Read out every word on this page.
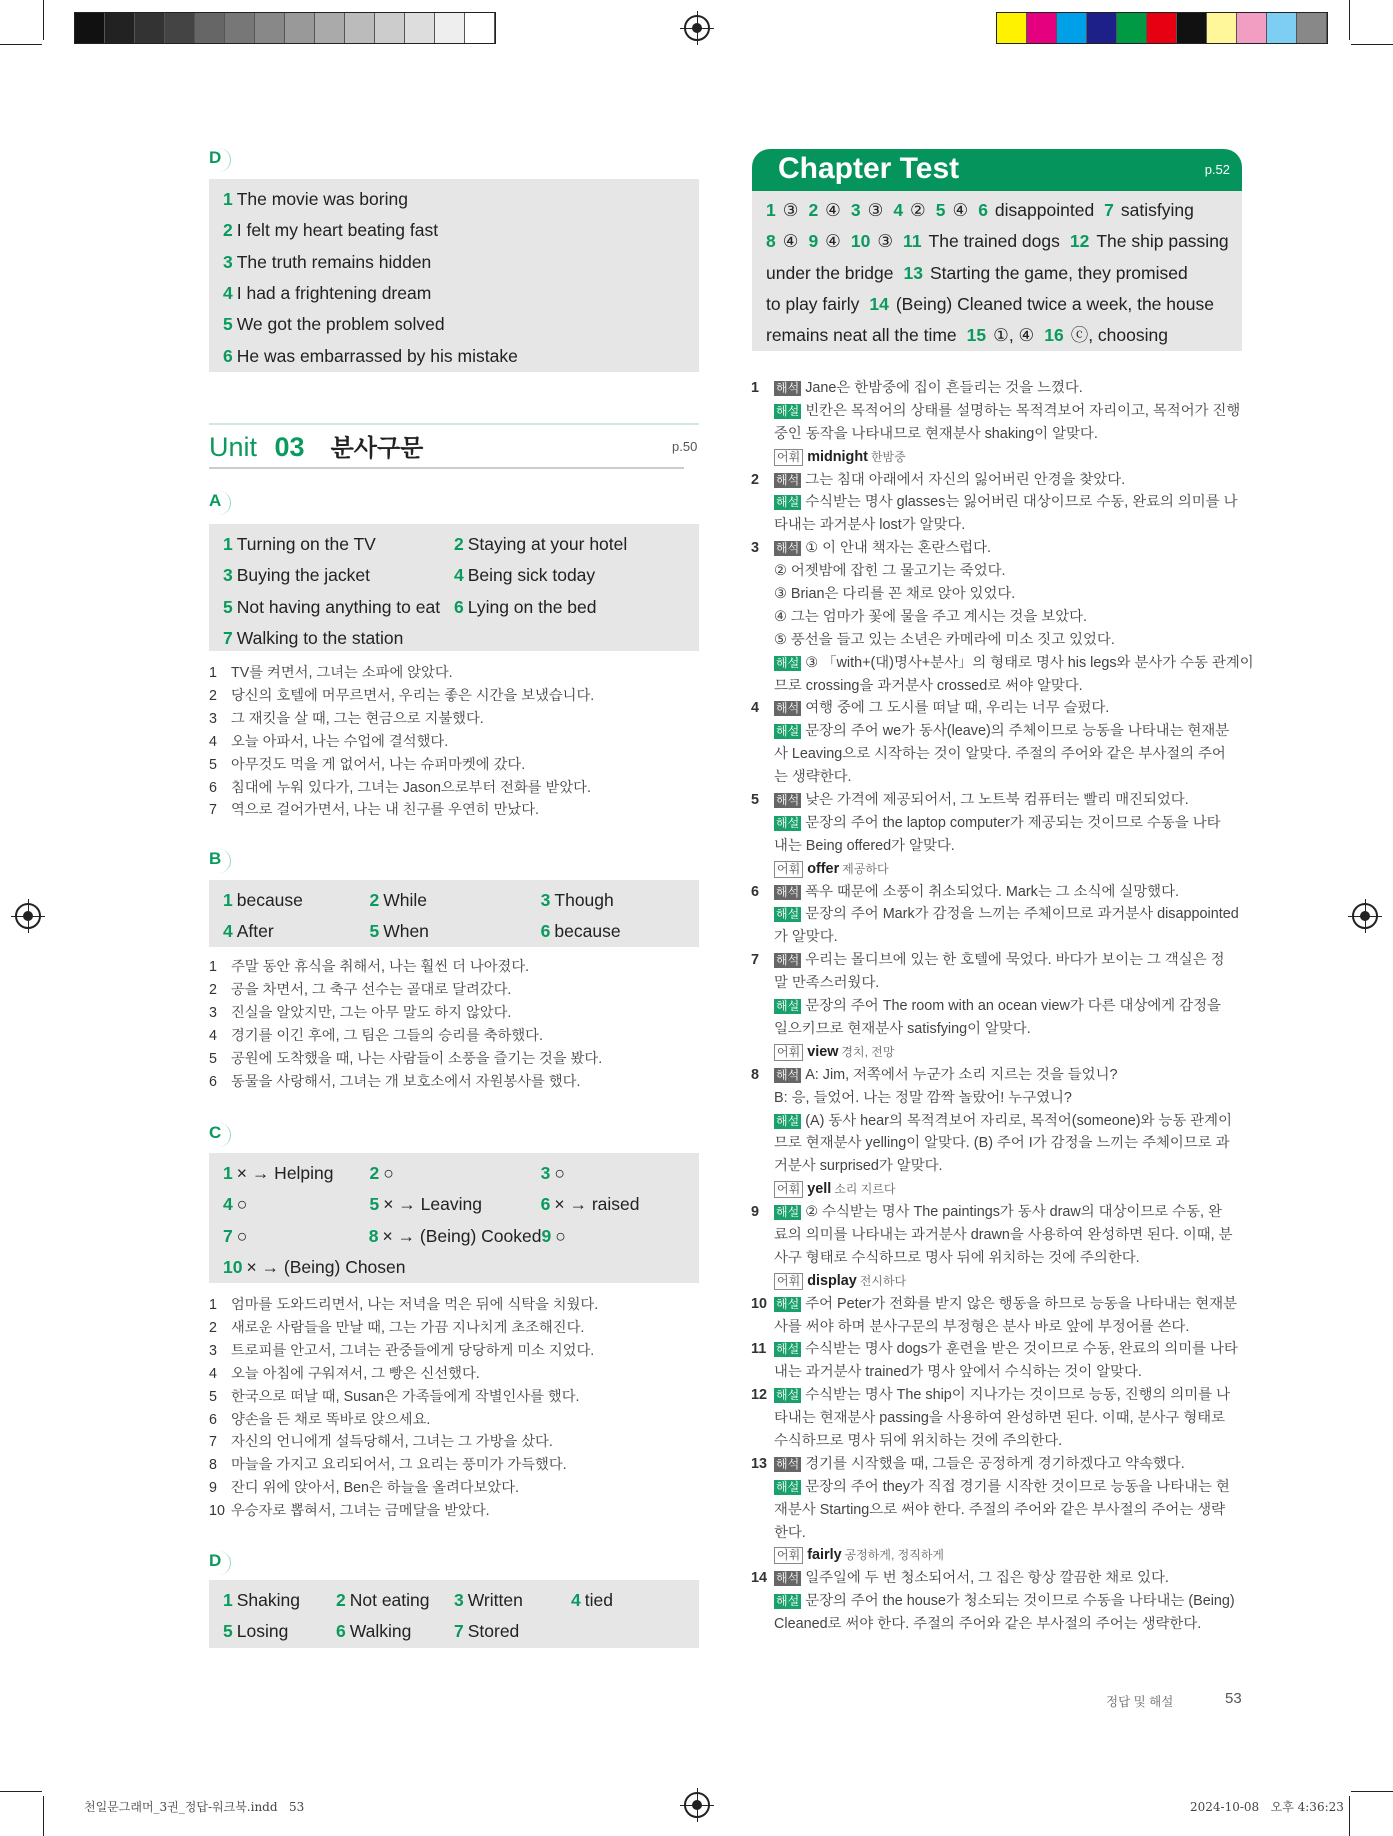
D
1 The movie was boring
2 I felt my heart beating fast
3 The truth remains hidden
4 I had a frightening dream
5 We got the problem solved
6 He was embarrassed by his mistake
A
1 Turning on the TV	2 Staying at your hotel
3 Buying the jacket	4 Being sick today
5 Not having anything to eat 6 Lying on the bed
7 Walking to the station
1 TV를 켜면서, 그녀는 소파에 앉았다.
2 당신의 호텔에 머무르면서, 우리는 좋은 시간을 보냈습니다.
3 그 재킷을 살 때, 그는 현금으로 지불했다.
4 오늘 아파서, 나는 수업에 결석했다.
5 아무것도 먹을 게 없어서, 나는 슈퍼마켓에 갔다.
6 침대에 누워 있다가, 그녀는 Jason으로부터 전화를 받았다.
7 역으로 걸어가면서, 나는 내 친구를 우연히 만났다.
B
1 because	2 While	3 Though
4 After	5 When	6 because
1 주말 동안 휴식을 취해서, 나는 훨씬 더 나아졌다.
2 공을 차면서, 그 축구 선수는 골대로 달려갔다.
3 진실을 알았지만, 그는 아무 말도 하지 않았다.
4 경기를 이긴 후에, 그 팀은 그들의 승리를 축하했다.
5 공원에 도착했을 때, 나는 사람들이 소풍을 즐기는 것을 봤다.
6 동물을 사랑해서, 그녀는 개 보호소에서 자원봉사를 했다.
C
1 × → Helping	2 ○	3 ○
4 ○	5 × → Leaving	6 × → raised
7 ○	8 × → (Being) Cooked 9 ○
10 × → (Being) Chosen
1 엄마를 도와드리면서, 나는 저녁을 먹은 뒤에 식탁을 치웠다.
2 새로운 사람들을 만날 때, 그는 가끔 지나치게 초조해진다.
3 트로피를 안고서, 그녀는 관중들에게 당당하게 미소 지었다.
4 오늘 아침에 구워져서, 그 빵은 신선했다.
5 한국으로 떠날 때, Susan은 가족들에게 작별인사를 했다.
6 양손을 든 채로 똑바로 앉으세요.
7 자신의 언니에게 설득당해서, 그녀는 그 가방을 샀다.
8 마늘을 가지고 요리되어서, 그 요리는 풍미가 가득했다.
9 잔디 위에 앉아서, Ben은 하늘을 올려다보았다.
10 우승자로 뽑혀서, 그녀는 금메달을 받았다.
D
1 Shaking	2 Not eating	3 Written	4 tied
5 Losing	6 Walking	7 Stored
Unit 03 분사구문	p.50
Chapter Test	p.52
1 ③ 2 ④ 3 ③ 4 ② 5 ④ 6 disappointed 7 satisfying
8 ④ 9 ④ 10 ③ 11 The trained dogs 12 The ship passing
under the bridge 13 Starting the game, they promised
to play fairly 14 (Being) Cleaned twice a week, the house
remains neat all the time 15 ①, ④ 16 ⓒ, choosing
1 해석 Jane은 한밤중에 집이 흔들리는 것을 느꼈다.
해설 빈칸은 목적어의 상태를 설명하는 목적격보어 자리이고, 목적어가 진행
중인 동작을 나타내므로 현재분사 shaking이 알맞다.
어휘 midnight 한밤중
2 해석 그는 침대 아래에서 자신의 잃어버린 안경을 찾았다.
해설 수식받는 명사 glasses는 잃어버린 대상이므로 수동, 완료의 의미를 나
타내는 과거분사 lost가 알맞다.
3 해석 ① 이 안내 책자는 혼란스럽다.
② 어젯밤에 잡힌 그 물고기는 죽었다.
③ Brian은 다리를 꼰 채로 앉아 있었다.
④ 그는 엄마가 꽃에 물을 주고 계시는 것을 보았다.
⑤ 풍선을 들고 있는 소년은 카메라에 미소 짓고 있었다.
해설 ③ 「with+(대)명사+분사」의 형태로 명사 his legs와 분사가 수동 관계이
므로 crossing을 과거분사 crossed로 써야 알맞다.
4 해석 여행 중에 그 도시를 떠날 때, 우리는 너무 슬펐다.
해설 문장의 주어 we가 동사(leave)의 주체이므로 능동을 나타내는 현재분
사 Leaving으로 시작하는 것이 알맞다. 주절의 주어와 같은 부사절의 주어
는 생략한다.
5 해석 낮은 가격에 제공되어서, 그 노트북 컴퓨터는 빨리 매진되었다.
해설 문장의 주어 the laptop computer가 제공되는 것이므로 수동을 나타
내는 Being offered가 알맞다.
어휘 offer 제공하다
6 해석 폭우 때문에 소풍이 취소되었다. Mark는 그 소식에 실망했다.
해설 문장의 주어 Mark가 감정을 느끼는 주체이므로 과거분사 disappointed
가 알맞다.
7 해석 우리는 몰디브에 있는 한 호텔에 묵었다. 바다가 보이는 그 객실은 정
말 만족스러웠다.
해설 문장의 주어 The room with an ocean view가 다른 대상에게 감정을
일으키므로 현재분사 satisfying이 알맞다.
어휘 view 경치, 전망
8 해석 A: Jim, 저쪽에서 누군가 소리 지르는 것을 들었니?
B: 응, 들었어. 나는 정말 깜짝 놀랐어! 누구였니?
해설 (A) 동사 hear의 목적격보어 자리로, 목적어(someone)와 능동 관계이
므로 현재분사 yelling이 알맞다. (B) 주어 I가 감정을 느끼는 주체이므로 과
거분사 surprised가 알맞다.
어휘 yell 소리 지르다
9 해설 ② 수식받는 명사 The paintings가 동사 draw의 대상이므로 수동, 완
료의 의미를 나타내는 과거분사 drawn을 사용하여 완성하면 된다. 이때, 분
사구 형태로 수식하므로 명사 뒤에 위치하는 것에 주의한다.
어휘 display 전시하다
10 해설 주어 Peter가 전화를 받지 않은 행동을 하므로 능동을 나타내는 현재분
사를 써야 하며 분사구문의 부정형은 분사 바로 앞에 부정어를 쓴다.
11 해설 수식받는 명사 dogs가 훈련을 받은 것이므로 수동, 완료의 의미를 나타
내는 과거분사 trained가 명사 앞에서 수식하는 것이 알맞다.
12 해설 수식받는 명사 The ship이 지나가는 것이므로 능동, 진행의 의미를 나
타내는 현재분사 passing을 사용하여 완성하면 된다. 이때, 분사구 형태로
수식하므로 명사 뒤에 위치하는 것에 주의한다.
13 해석 경기를 시작했을 때, 그들은 공정하게 경기하겠다고 약속했다.
해설 문장의 주어 they가 직접 경기를 시작한 것이므로 능동을 나타내는 현
재분사 Starting으로 써야 한다. 주절의 주어와 같은 부사절의 주어는 생략
한다.
어휘 fairly 공정하게, 정직하게
14 해석 일주일에 두 번 청소되어서, 그 집은 항상 깔끔한 채로 있다.
해설 문장의 주어 the house가 청소되는 것이므로 수동을 나타내는 (Being)
Cleaned로 써야 한다. 주절의 주어와 같은 부사절의 주어는 생략한다.
정답 및 해설	53
천일문그래머_3권_정답-워크북.indd   53	2024-10-08   오후 4:36:23
